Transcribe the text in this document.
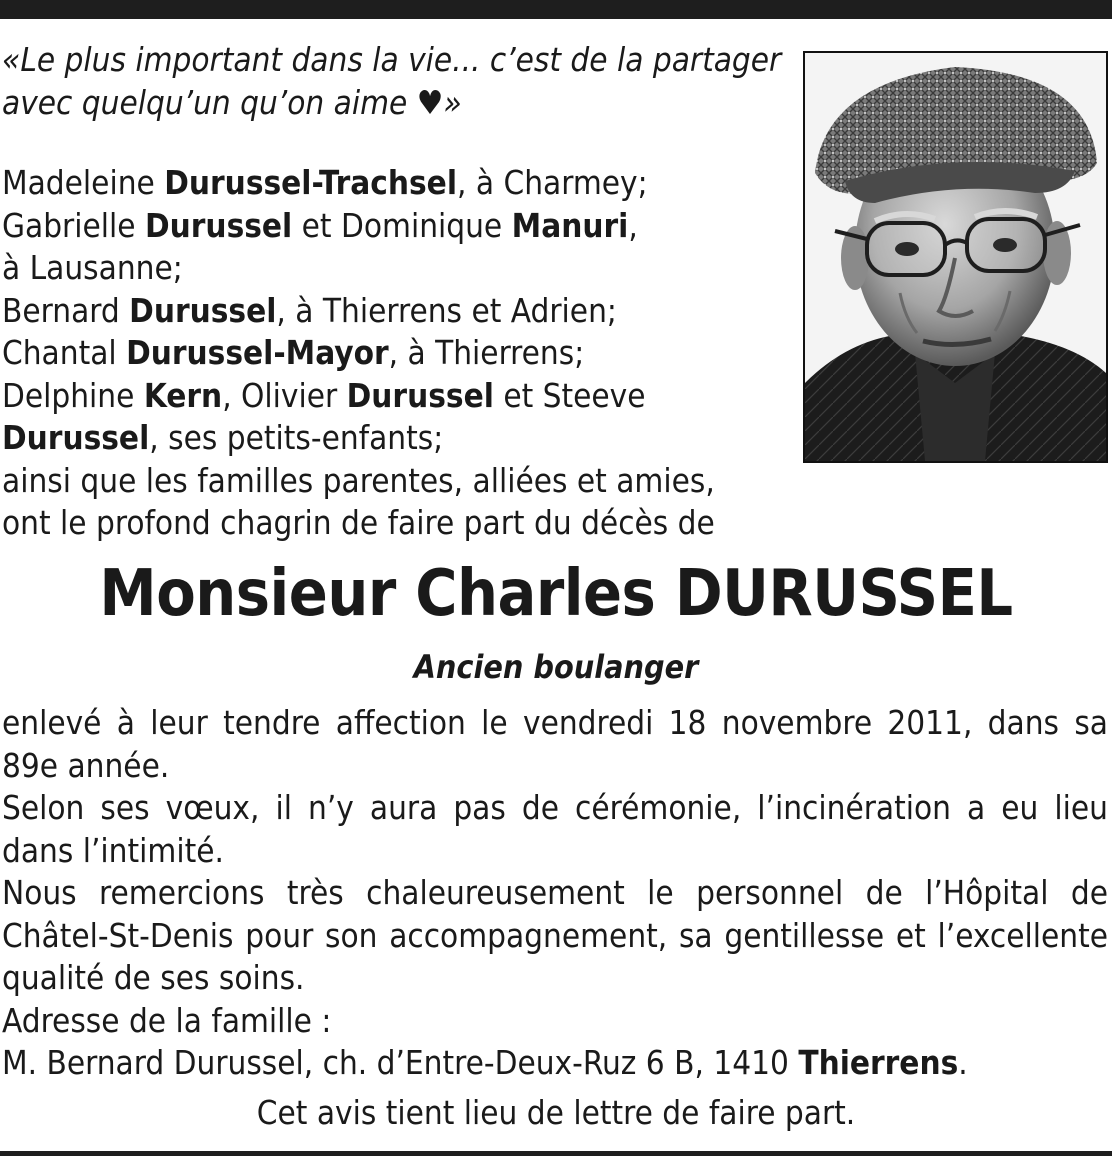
«Le plus important dans la vie... c’est de la partager
avec quelqu’un qu’on aime ♥»
Madeleine Durussel-Trachsel, à Charmey;
Gabrielle Durussel et Dominique Manuri,
à Lausanne;
Bernard Durussel, à Thierrens et Adrien;
Chantal Durussel-Mayor, à Thierrens;
Delphine Kern, Olivier Durussel et Steeve
Durussel, ses petits-enfants;
ainsi que les familles parentes, alliées et amies,
ont le profond chagrin de faire part du décès de
Monsieur Charles DURUSSEL
Ancien boulanger

enlevé à leur tendre affection le vendredi 18 novembre 2011, dans sa 89e année.

Selon ses vœux, il n’y aura pas de cérémonie, l’incinération a eu lieu dans l’intimité.

Nous remercions très chaleureusement le personnel de l’Hôpital de Châtel-St-Denis pour son accompagnement, sa gentillesse et l’excellente qualité de ses soins.

Adresse de la famille :

M. Bernard Durussel, ch. d’Entre-Deux-Ruz 6 B, 1410 Thierrens.

Cet avis tient lieu de lettre de faire part.
